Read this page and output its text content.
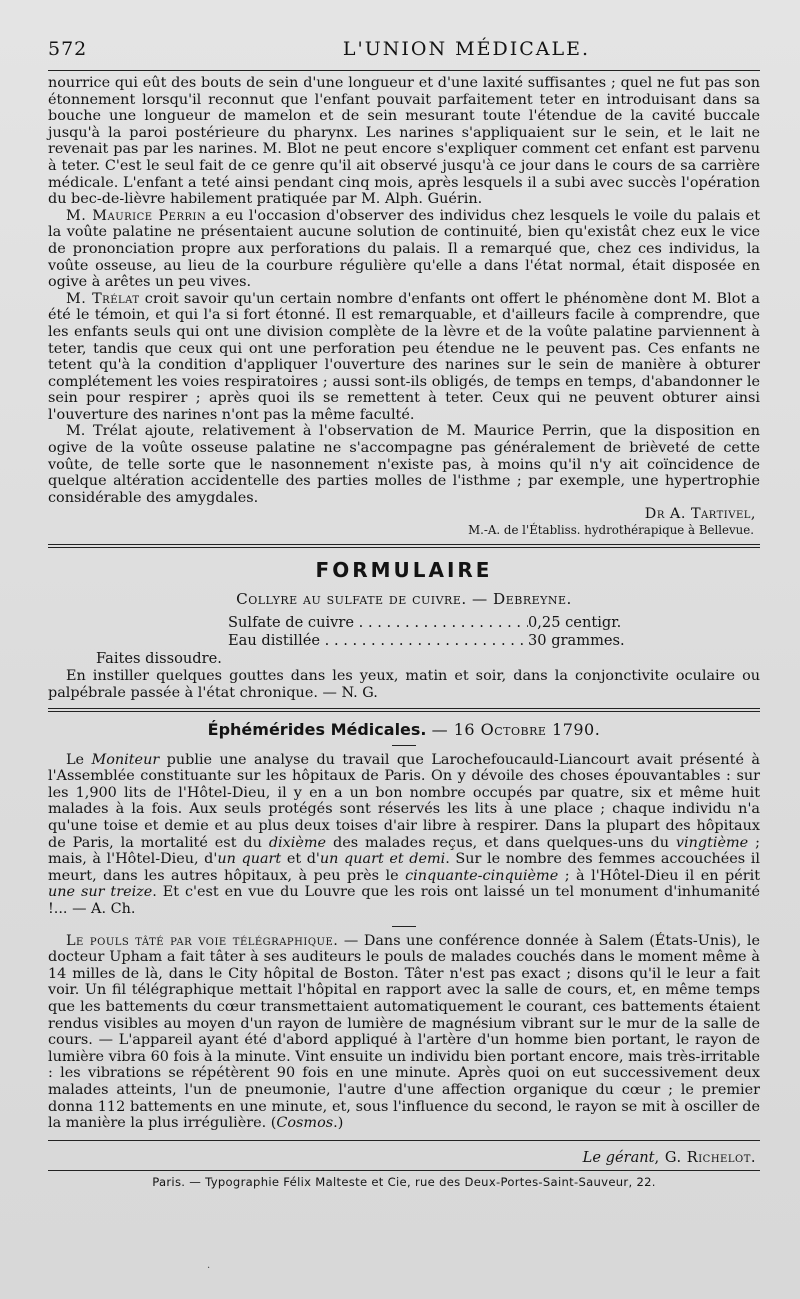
572	L'UNION MÉDICALE.

nourrice qui eût des bouts de sein d'une longueur et d'une laxité suffisantes ; quel ne fut pas son étonnement lorsqu'il reconnut que l'enfant pouvait parfaitement teter en introduisant dans sa bouche une longueur de mamelon et de sein mesurant toute l'étendue de la cavité buccale jusqu'à la paroi postérieure du pharynx. Les narines s'appliquaient sur le sein, et le lait ne revenait pas par les narines. M. Blot ne peut encore s'expliquer comment cet enfant est parvenu à teter. C'est le seul fait de ce genre qu'il ait observé jusqu'à ce jour dans le cours de sa carrière médicale. L'enfant a teté ainsi pendant cinq mois, après lesquels il a subi avec succès l'opération du bec-de-lièvre habilement pratiquée par M. Alph. Guérin.

M. Maurice Perrin a eu l'occasion d'observer des individus chez lesquels le voile du palais et la voûte palatine ne présentaient aucune solution de continuité, bien qu'existât chez eux le vice de prononciation propre aux perforations du palais. Il a remarqué que, chez ces individus, la voûte osseuse, au lieu de la courbure régulière qu'elle a dans l'état normal, était disposée en ogive à arêtes un peu vives.

M. Trélat croit savoir qu'un certain nombre d'enfants ont offert le phénomène dont M. Blot a été le témoin, et qui l'a si fort étonné. Il est remarquable, et d'ailleurs facile à comprendre, que les enfants seuls qui ont une division complète de la lèvre et de la voûte palatine parviennent à teter, tandis que ceux qui ont une perforation peu étendue ne le peuvent pas. Ces enfants ne tetent qu'à la condition d'appliquer l'ouverture des narines sur le sein de manière à obturer complétement les voies respiratoires ; aussi sont-ils obligés, de temps en temps, d'abandonner le sein pour respirer ; après quoi ils se remettent à teter. Ceux qui ne peuvent obturer ainsi l'ouverture des narines n'ont pas la même faculté.

M. Trélat ajoute, relativement à l'observation de M. Maurice Perrin, que la disposition en ogive de la voûte osseuse palatine ne s'accompagne pas généralement de brièveté de cette voûte, de telle sorte que le nasonnement n'existe pas, à moins qu'il n'y ait coïncidence de quelque altération accidentelle des parties molles de l'isthme ; par exemple, une hypertrophie considérable des amygdales.

Dr A. Tartivel,
M.-A. de l'Établiss. hydrothérapique à Bellevue.
FORMULAIRE
Collyre au sulfate de cuivre. — Debreyne.
Sulfate de cuivre . . .	0,25 centigr.
Eau distillée . . .	30 grammes.
Faites dissoudre.

En instiller quelques gouttes dans les yeux, matin et soir, dans la conjonctivite oculaire ou palpébrale passée à l'état chronique. — N. G.

Éphémérides Médicales. — 16 Octobre 1790.

Le Moniteur publie une analyse du travail que Larochefoucauld-Liancourt avait présenté à l'Assemblée constituante sur les hôpitaux de Paris. On y dévoile des choses épouvantables : sur les 1,900 lits de l'Hôtel-Dieu, il y en a un bon nombre occupés par quatre, six et même huit malades à la fois. Aux seuls protégés sont réservés les lits à une place ; chaque individu n'a qu'une toise et demie et au plus deux toises d'air libre à respirer. Dans la plupart des hôpitaux de Paris, la mortalité est du dixième des malades reçus, et dans quelques-uns du vingtième ; mais, à l'Hôtel-Dieu, d'un quart et d'un quart et demi. Sur le nombre des femmes accouchées il meurt, dans les autres hôpitaux, à peu près le cinquante-cinquième ; à l'Hôtel-Dieu il en périt une sur treize. Et c'est en vue du Louvre que les rois ont laissé un tel monument d'inhumanité !... — A. Ch.

Le pouls tâté par voie télégraphique. — Dans une conférence donnée à Salem (États-Unis), le docteur Upham a fait tâter à ses auditeurs le pouls de malades couchés dans le moment même à 14 milles de là, dans le City hôpital de Boston. Tâter n'est pas exact ; disons qu'il le leur a fait voir. Un fil télégraphique mettait l'hôpital en rapport avec la salle de cours, et, en même temps que les battements du cœur transmettaient automatiquement le courant, ces battements étaient rendus visibles au moyen d'un rayon de lumière de magnésium vibrant sur le mur de la salle de cours. — L'appareil ayant été d'abord appliqué à l'artère d'un homme bien portant, le rayon de lumière vibra 60 fois à la minute. Vint ensuite un individu bien portant encore, mais très-irritable : les vibrations se répétèrent 90 fois en une minute. Après quoi on eut successivement deux malades atteints, l'un de pneumonie, l'autre d'une affection organique du cœur ; le premier donna 112 battements en une minute, et, sous l'influence du second, le rayon se mit à osciller de la manière la plus irrégulière. (Cosmos.)

Le gérant, G. Richelot.
Paris. — Typographie Félix Malteste et Cie, rue des Deux-Portes-Saint-Sauveur, 22.
.
